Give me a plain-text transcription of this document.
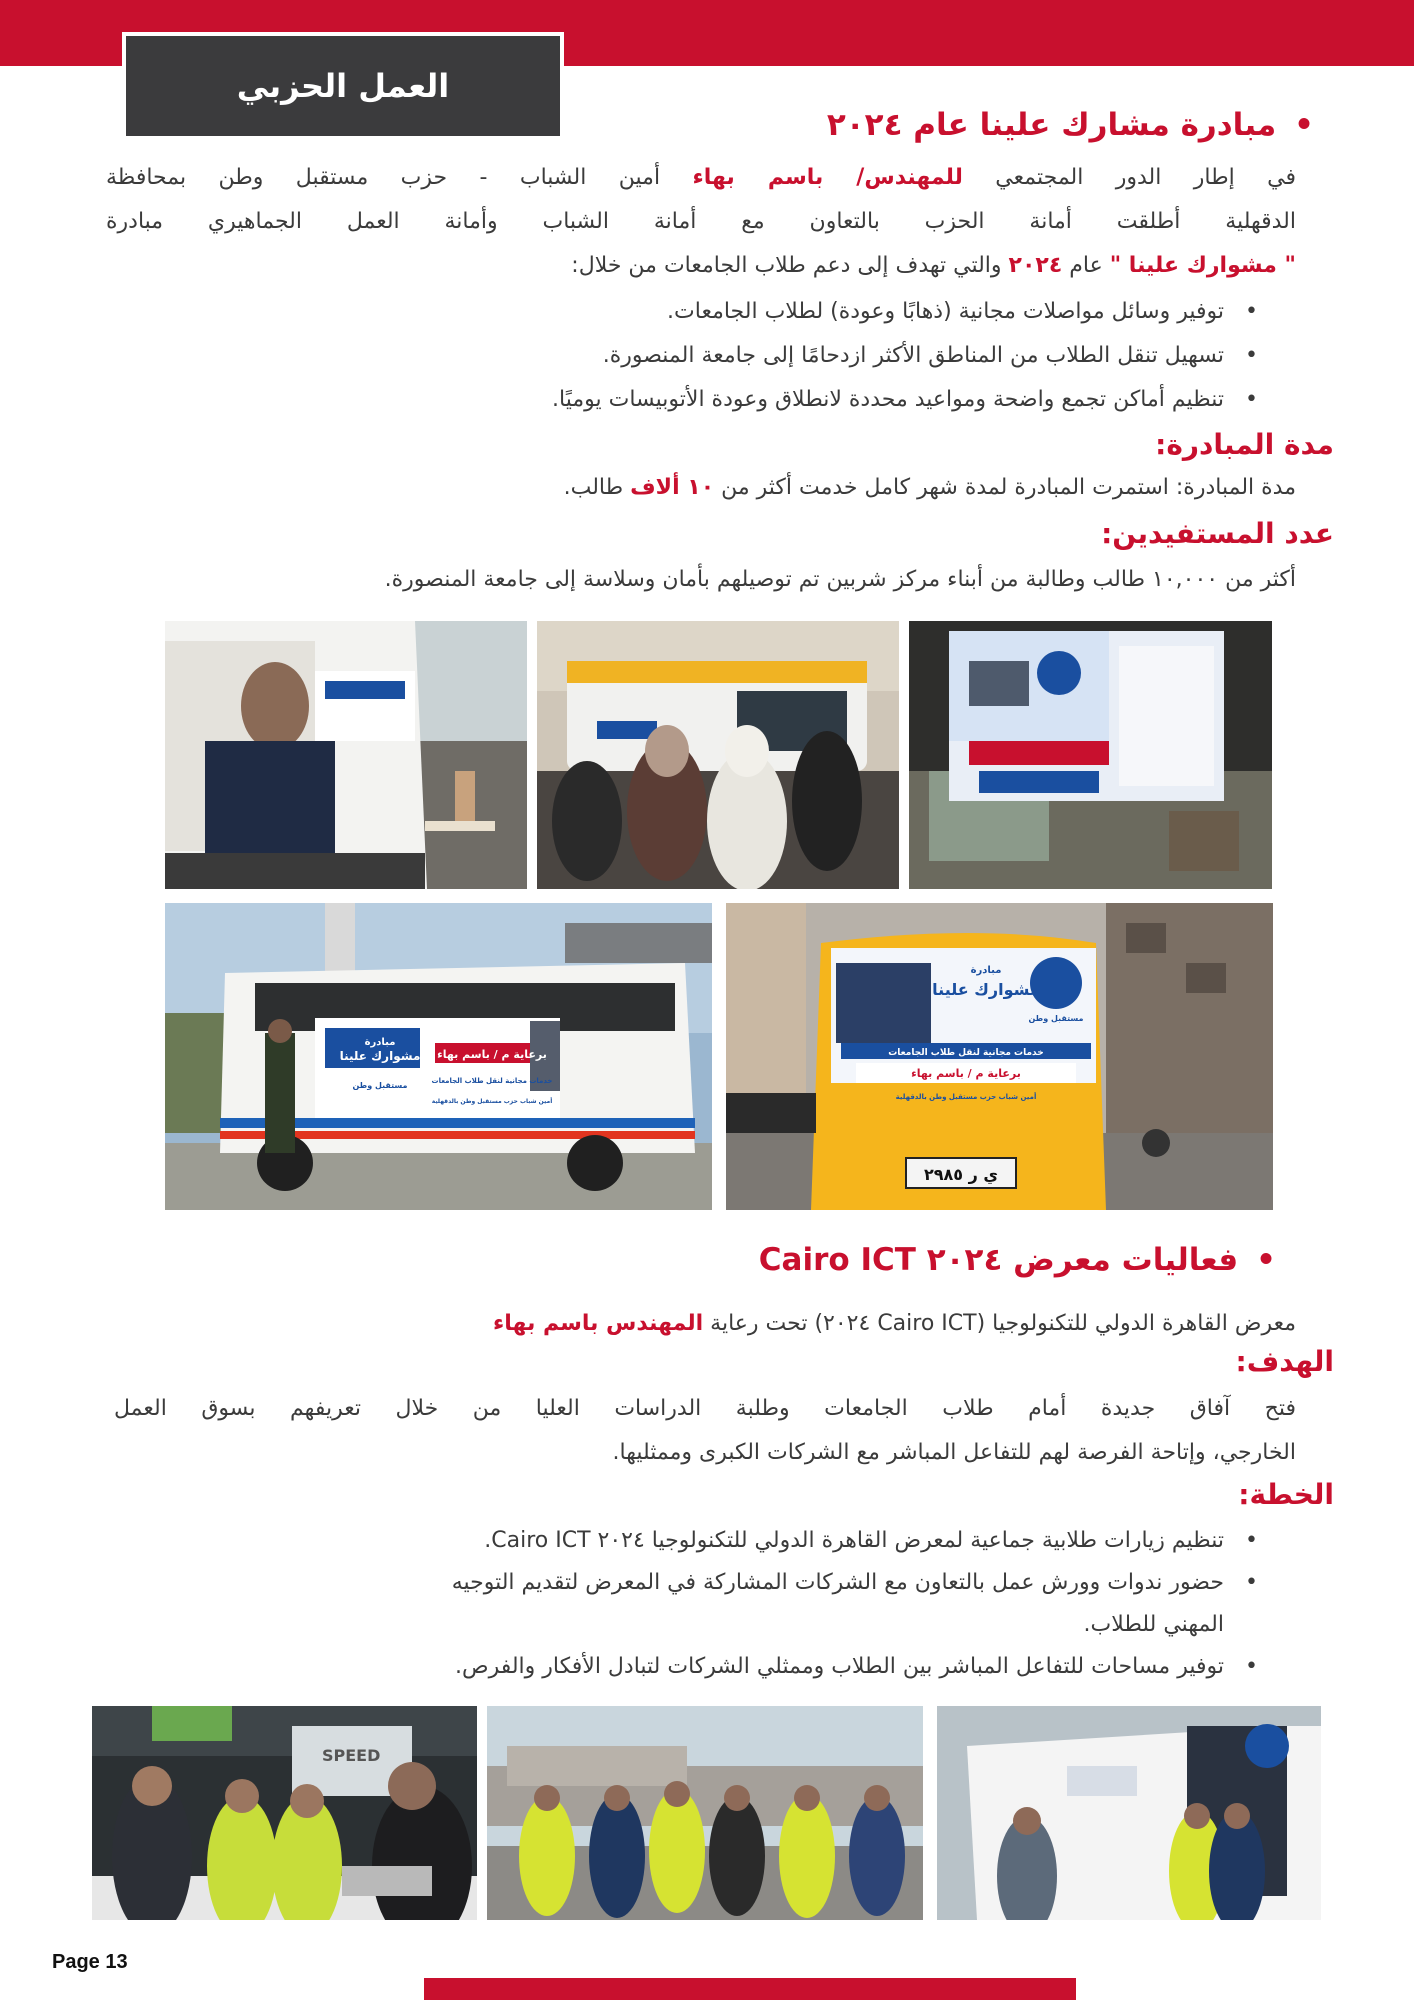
العمل الحزبي
•مبادرة مشارك علينا عام ٢٠٢٤
في إطار الدور المجتمعي للمهندس/ باسم بهاء أمين الشباب - حزب مستقبل وطن بمحافظة
الدقهلية أطلقت أمانة الحزب بالتعاون مع أمانة الشباب وأمانة العمل الجماهيري مبادرة
" مشوارك علينا " عام ٢٠٢٤ والتي تهدف إلى دعم طلاب الجامعات من خلال:
• توفير وسائل مواصلات مجانية (ذهابًا وعودة) لطلاب الجامعات.
• تسهيل تنقل الطلاب من المناطق الأكثر ازدحامًا إلى جامعة المنصورة.
• تنظيم أماكن تجمع واضحة ومواعيد محددة لانطلاق وعودة الأتوبيسات يوميًا.
مدة المبادرة:
مدة المبادرة: استمرت المبادرة لمدة شهر كامل خدمت أكثر من ١٠ ألاف طالب.
عدد المستفيدين:
أكثر من ١٠,٠٠٠ طالب وطالبة من أبناء مركز شربين تم توصيلهم بأمان وسلاسة إلى جامعة المنصورة.
مبادرة
مشوارك علينا برعاية م / باسم بهاء
خدمات مجانية لنقل طلاب الجامعات
أمين شباب حزب مستقبل وطن بالدقهلية
مستقبل وطن
ي ر ٢٩٨٥
مبادرة
مشوارك علينا
مستقبل وطن
خدمات مجانية لنقل طلاب الجامعات
برعاية م / باسم بهاء
أمين شباب حزب مستقبل وطن بالدقهلية
•فعاليات معرض ٢٠٢٤ Cairo ICT
معرض القاهرة الدولي للتكنولوجيا (Cairo ICT ٢٠٢٤) تحت رعاية المهندس باسم بهاء
الهدف:
فتح آفاق جديدة أمام طلاب الجامعات وطلبة الدراسات العليا من خلال تعريفهم بسوق العمل
الخارجي، وإتاحة الفرصة لهم للتفاعل المباشر مع الشركات الكبرى وممثليها.
الخطة:
• تنظيم زيارات طلابية جماعية لمعرض القاهرة الدولي للتكنولوجيا ٢٠٢٤ Cairo ICT.
• حضور ندوات وورش عمل بالتعاون مع الشركات المشاركة في المعرض لتقديم التوجيه
المهني للطلاب.
• توفير مساحات للتفاعل المباشر بين الطلاب وممثلي الشركات لتبادل الأفكار والفرص.
SPEED
Page 13
